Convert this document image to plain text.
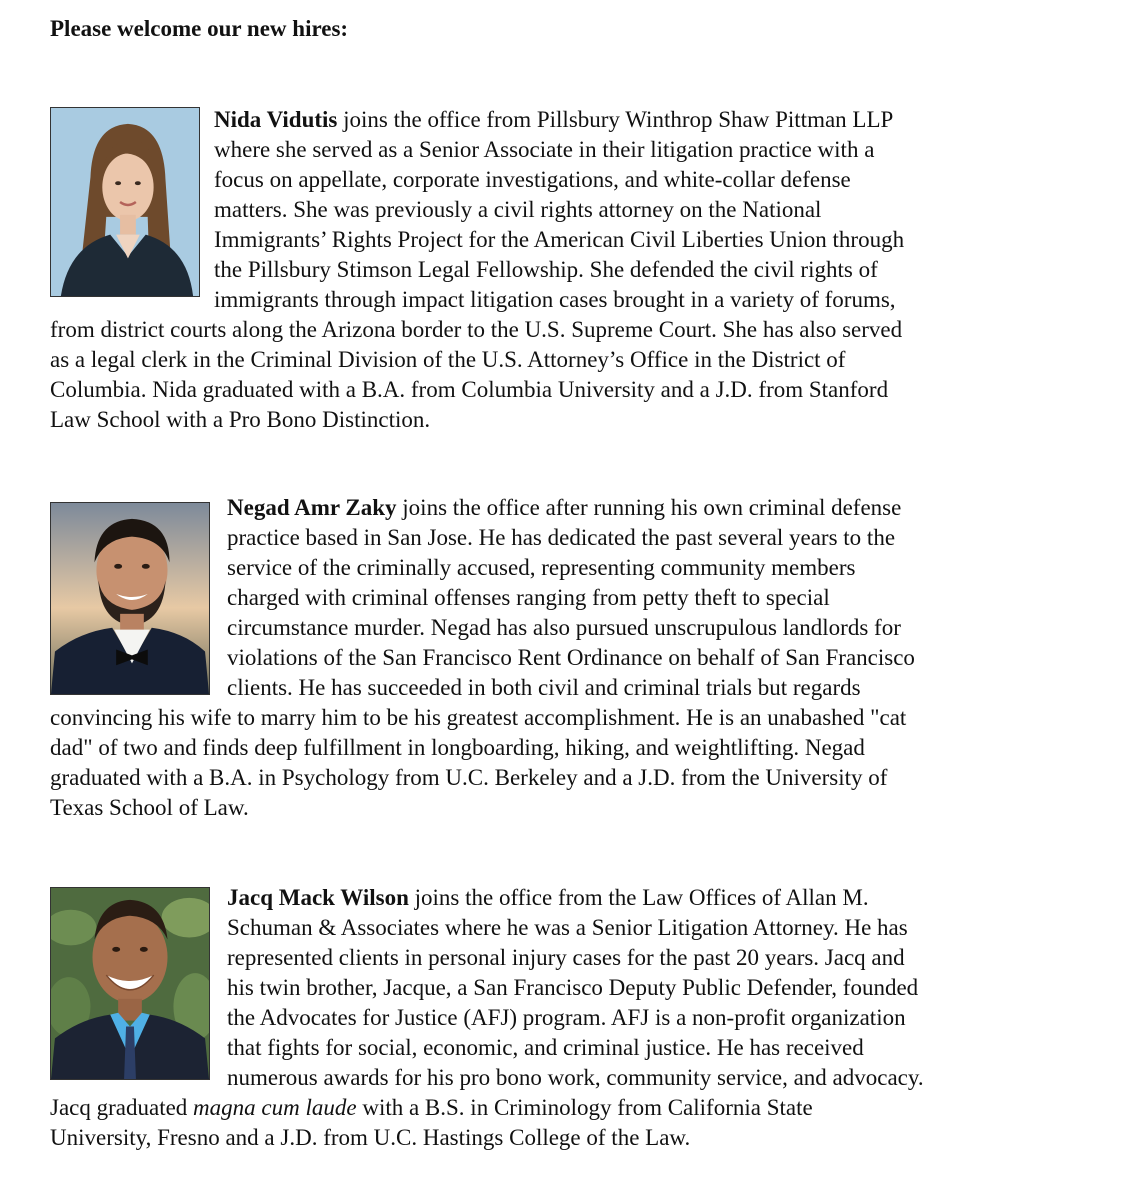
Please welcome our new hires:

Nida Vidutis joins the office from Pillsbury Winthrop Shaw Pittman LLP
where she served as a Senior Associate in their litigation practice with a
focus on appellate, corporate investigations, and white-collar defense
matters. She was previously a civil rights attorney on the National
Immigrants’ Rights Project for the American Civil Liberties Union through
the Pillsbury Stimson Legal Fellowship. She defended the civil rights of
immigrants through impact litigation cases brought in a variety of forums,
from district courts along the Arizona border to the U.S. Supreme Court. She has also served
as a legal clerk in the Criminal Division of the U.S. Attorney’s Office in the District of
Columbia. Nida graduated with a B.A. from Columbia University and a J.D. from Stanford
Law School with a Pro Bono Distinction.
Negad Amr Zaky joins the office after running his own criminal defense
practice based in San Jose. He has dedicated the past several years to the
service of the criminally accused, representing community members
charged with criminal offenses ranging from petty theft to special
circumstance murder. Negad has also pursued unscrupulous landlords for
violations of the San Francisco Rent Ordinance on behalf of San Francisco
clients. He has succeeded in both civil and criminal trials but regards
convincing his wife to marry him to be his greatest accomplishment. He is an unabashed "cat
dad" of two and finds deep fulfillment in longboarding, hiking, and weightlifting. Negad
graduated with a B.A. in Psychology from U.C. Berkeley and a J.D. from the University of
Texas School of Law.
Jacq Mack Wilson joins the office from the Law Offices of Allan M.
Schuman & Associates where he was a Senior Litigation Attorney. He has
represented clients in personal injury cases for the past 20 years. Jacq and
his twin brother, Jacque, a San Francisco Deputy Public Defender, founded
the Advocates for Justice (AFJ) program. AFJ is a non-profit organization
that fights for social, economic, and criminal justice. He has received
numerous awards for his pro bono work, community service, and advocacy.
Jacq graduated magna cum laude with a B.S. in Criminology from California State
University, Fresno and a J.D. from U.C. Hastings College of the Law.
